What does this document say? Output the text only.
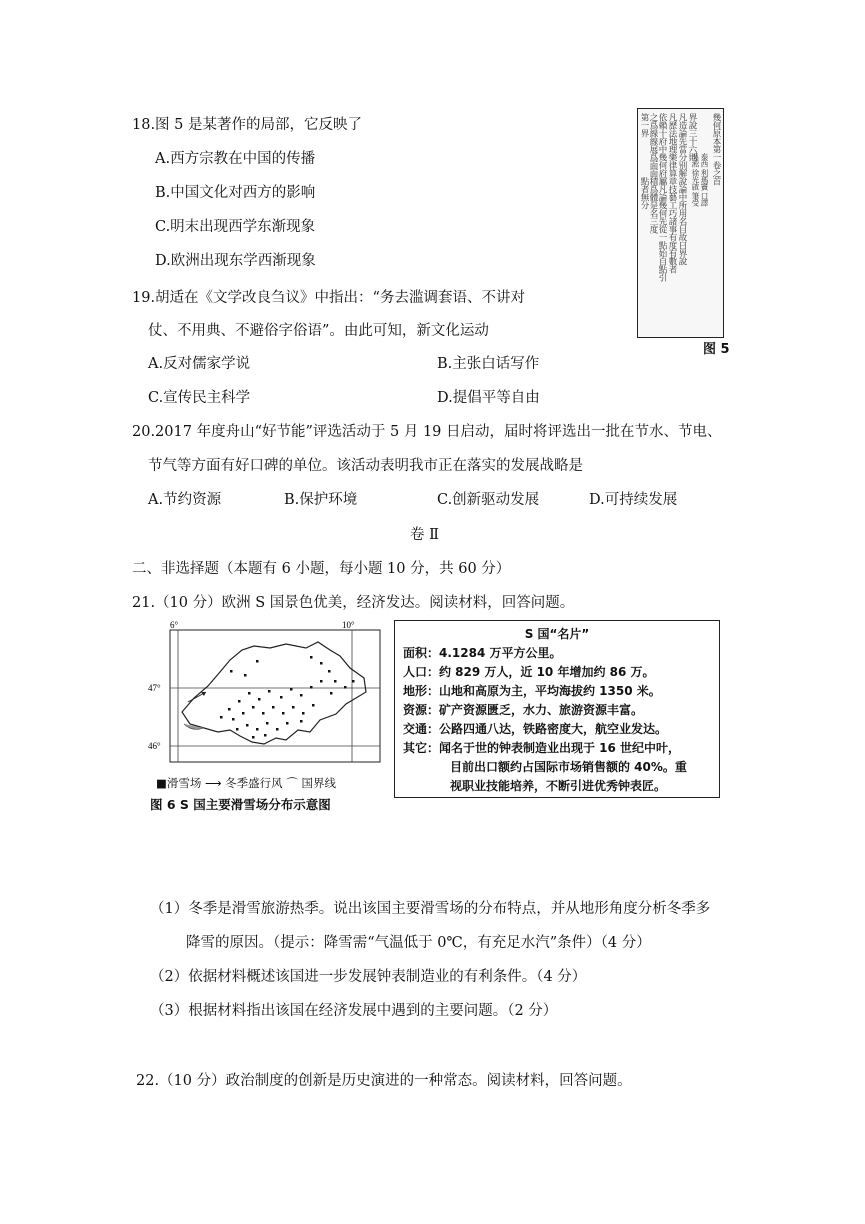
18.图 5 是某著作的局部，它反映了
A.西方宗教在中国的传播
B.中国文化对西方的影响
C.明末出现西学东渐现象
D.欧洲出现东学西渐现象
幾何原本第一卷之首
泰西 利瑪竇 口譯 吳淞 徐光啟 筆受
界說三十六則
凡造論先當分别解說論中所用名目故曰界說
凡歷法地理樂律算章技藝工巧諸事有度有數者
依賴十府中幾何府屬凡論幾何先從一點始自點引
之爲線線展爲面面積爲體是名三度
第一界
點者無分
图 5
19.胡适在《文学改良刍议》中指出：“务去滥调套语、不讲对
仗、不用典、不避俗字俗语”。由此可知，新文化运动
A.反对儒家学说	B.主张白话写作
C.宣传民主科学	D.提倡平等自由
20.2017 年度舟山“好节能”评选活动于 5 月 19 日启动，届时将评选出一批在节水、节电、
节气等方面有好口碑的单位。该活动表明我市正在落实的发展战略是
A.节约资源	B.保护环境	C.创新驱动发展	D.可持续发展
卷 Ⅱ
二、非选择题（本题有 6 小题，每小题 10 分，共 60 分）
21.（10 分）欧洲 S 国景色优美，经济发达。阅读材料，回答问题。
6°	10°
47°
46°
■滑雪场 ⟶ 冬季盛行风 ⌒ 国界线
图 6 S 国主要滑雪场分布示意图
S 国“名片”
面积：4.1284 万平方公里。
人口：约 829 万人，近 10 年增加约 86 万。
地形：山地和高原为主，平均海拔约 1350 米。
资源：矿产资源匮乏，水力、旅游资源丰富。
交通：公路四通八达，铁路密度大，航空业发达。
其它：闻名于世的钟表制造业出现于 16 世纪中叶，
目前出口额约占国际市场销售额的 40%。重
视职业技能培养，不断引进优秀钟表匠。
（1）冬季是滑雪旅游热季。说出该国主要滑雪场的分布特点，并从地形角度分析冬季多
降雪的原因。（提示：降雪需“气温低于 0℃，有充足水汽”条件）（4 分）
（2）依据材料概述该国进一步发展钟表制造业的有利条件。（4 分）
（3）根据材料指出该国在经济发展中遇到的主要问题。（2 分）
22.（10 分）政治制度的创新是历史演进的一种常态。阅读材料，回答问题。
